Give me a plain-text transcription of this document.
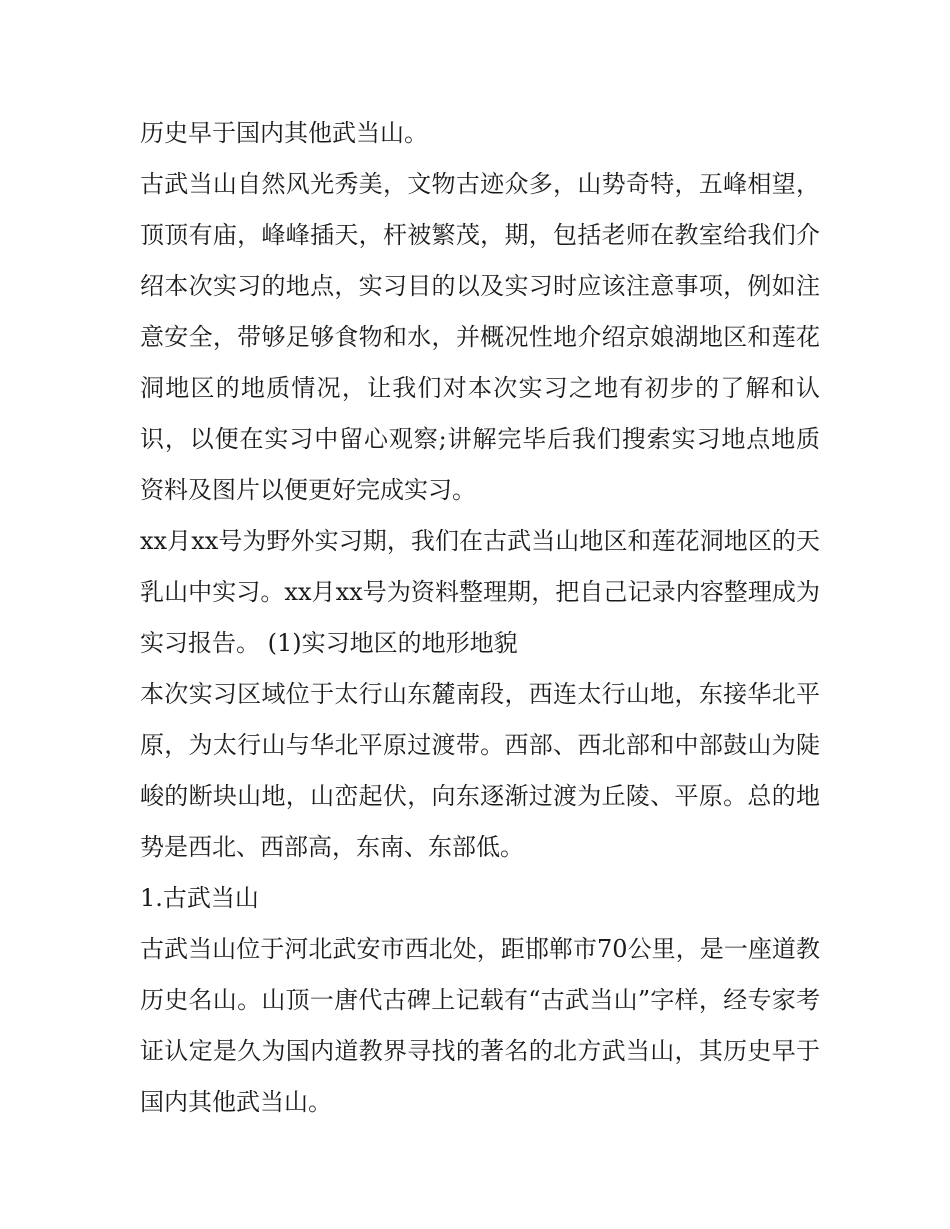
历史早于国内其他武当山。

古武当山自然风光秀美，文物古迹众多，山势奇特，五峰相望，顶顶有庙，峰峰插天，杆被繁茂，期，包括老师在教室给我们介绍本次实习的地点，实习目的以及实习时应该注意事项，例如注意安全，带够足够食物和水，并概况性地介绍京娘湖地区和莲花洞地区的地质情况，让我们对本次实习之地有初步的了解和认识，以便在实习中留心观察;讲解完毕后我们搜索实习地点地质资料及图片以便更好完成实习。

xx月xx号为野外实习期，我们在古武当山地区和莲花洞地区的天乳山中实习。xx月xx号为资料整理期，把自己记录内容整理成为实习报告。 (1)实习地区的地形地貌

本次实习区域位于太行山东麓南段，西连太行山地，东接华北平原，为太行山与华北平原过渡带。西部、西北部和中部鼓山为陡峻的断块山地，山峦起伏，向东逐渐过渡为丘陵、平原。总的地势是西北、西部高，东南、东部低。

1.古武当山

古武当山位于河北武安市西北处，距邯郸市70公里，是一座道教历史名山。山顶一唐代古碑上记载有“古武当山”字样，经专家考证认定是久为国内道教界寻找的著名的北方武当山，其历史早于国内其他武当山。
